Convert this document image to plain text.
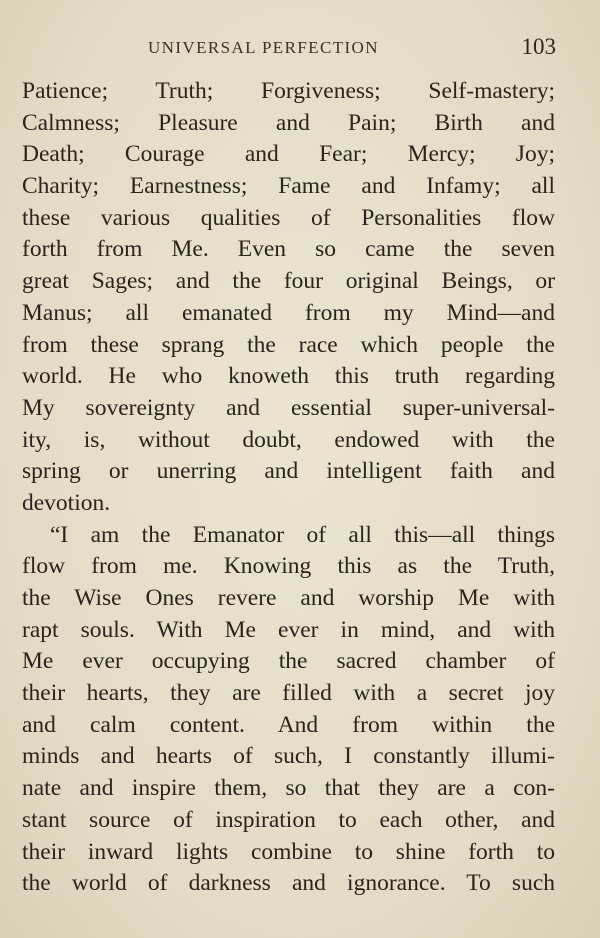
UNIVERSAL PERFECTION	103
Patience; Truth; Forgiveness; Self-mastery;
Calmness; Pleasure and Pain; Birth and
Death; Courage and Fear; Mercy; Joy;
Charity; Earnestness; Fame and Infamy; all
these various qualities of Personalities flow
forth from Me. Even so came the seven
great Sages; and the four original Beings, or
Manus; all emanated from my Mind—and
from these sprang the race which people the
world. He who knoweth this truth regarding
My sovereignty and essential super-universal-
ity, is, without doubt, endowed with the
spring or unerring and intelligent faith and
devotion.
“I am the Emanator of all this—all things
flow from me. Knowing this as the Truth,
the Wise Ones revere and worship Me with
rapt souls. With Me ever in mind, and with
Me ever occupying the sacred chamber of
their hearts, they are filled with a secret joy
and calm content. And from within the
minds and hearts of such, I constantly illumi-
nate and inspire them, so that they are a con-
stant source of inspiration to each other, and
their inward lights combine to shine forth to
the world of darkness and ignorance. To such
